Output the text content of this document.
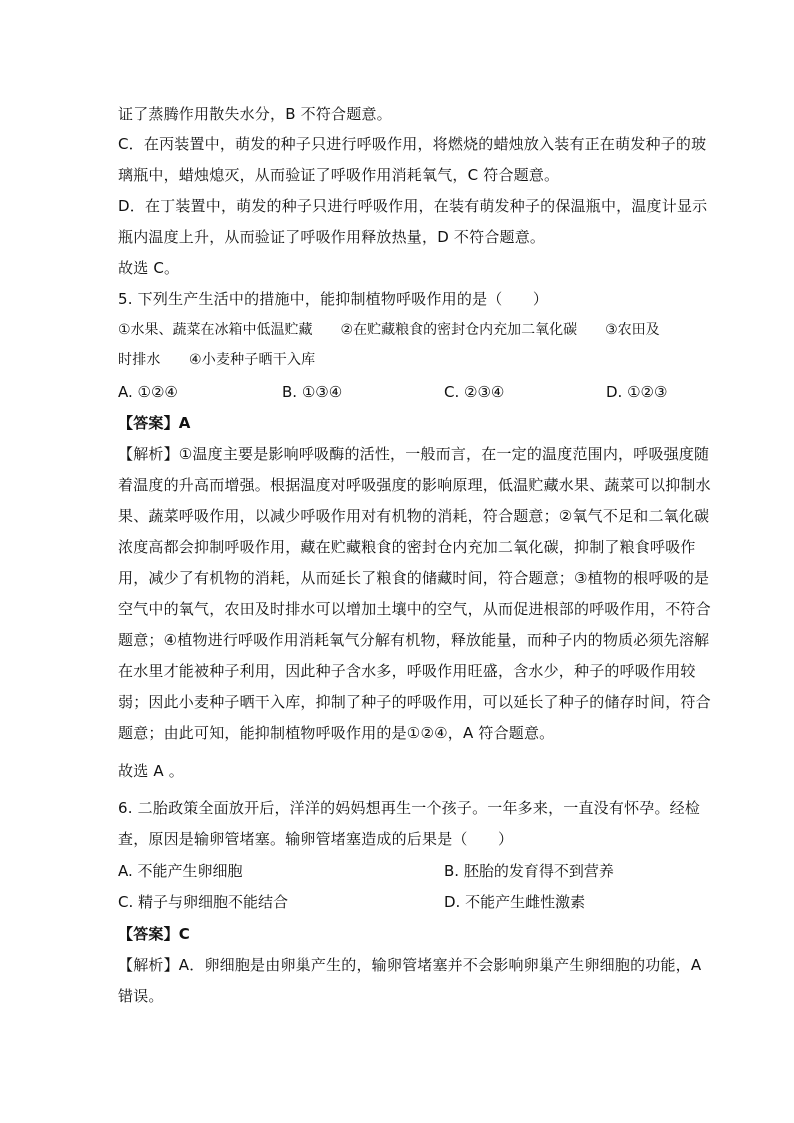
证了蒸腾作用散失水分，B 不符合题意。
C．在丙装置中，萌发的种子只进行呼吸作用，将燃烧的蜡烛放入装有正在萌发种子的玻
璃瓶中，蜡烛熄灭，从而验证了呼吸作用消耗氧气，C 符合题意。
D．在丁装置中，萌发的种子只进行呼吸作用，在装有萌发种子的保温瓶中，温度计显示
瓶内温度上升，从而验证了呼吸作用释放热量，D 不符合题意。
故选 C。
5. 下列生产生活中的措施中，能抑制植物呼吸作用的是（　　）
①水果、蔬菜在冰箱中低温贮藏　　②在贮藏粮食的密封仓内充加二氧化碳　　③农田及
时排水　　④小麦种子晒干入库
A. ①②④	B. ①③④	C. ②③④	D. ①②③
【答案】A
【解析】①温度主要是影响呼吸酶的活性，一般而言，在一定的温度范围内，呼吸强度随
着温度的升高而增强。根据温度对呼吸强度的影响原理，低温贮藏水果、蔬菜可以抑制水
果、蔬菜呼吸作用，以减少呼吸作用对有机物的消耗，符合题意；②氧气不足和二氧化碳
浓度高都会抑制呼吸作用，藏在贮藏粮食的密封仓内充加二氧化碳，抑制了粮食呼吸作
用，减少了有机物的消耗，从而延长了粮食的储藏时间，符合题意；③植物的根呼吸的是
空气中的氧气，农田及时排水可以增加土壤中的空气，从而促进根部的呼吸作用，不符合
题意；④植物进行呼吸作用消耗氧气分解有机物，释放能量，而种子内的物质必须先溶解
在水里才能被种子利用，因此种子含水多，呼吸作用旺盛，含水少，种子的呼吸作用较
弱；因此小麦种子晒干入库，抑制了种子的呼吸作用，可以延长了种子的储存时间，符合
题意；由此可知，能抑制植物呼吸作用的是①②④，A 符合题意。
故选 A 。
6. 二胎政策全面放开后，洋洋的妈妈想再生一个孩子。一年多来，一直没有怀孕。经检
查，原因是输卵管堵塞。输卵管堵塞造成的后果是（　　）
A. 不能产生卵细胞	B. 胚胎的发育得不到营养
C. 精子与卵细胞不能结合	D. 不能产生雌性激素
【答案】C
【解析】A．卵细胞是由卵巢产生的，输卵管堵塞并不会影响卵巢产生卵细胞的功能，A
错误。
